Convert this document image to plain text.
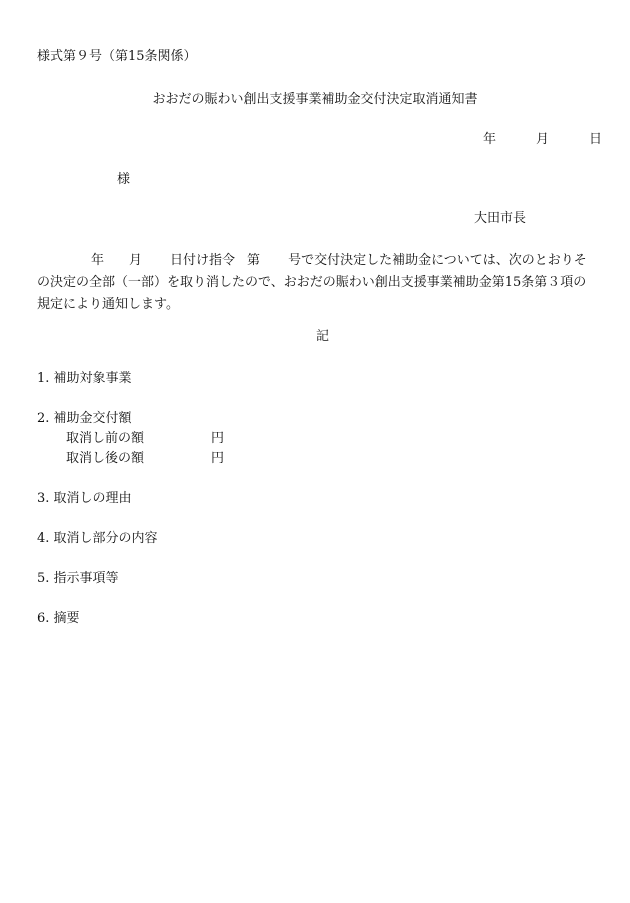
様式第９号（第15条関係）
おおだの賑わい創出支援事業補助金交付決定取消通知書
年	月	日
様
大田市長
年 月 日付け指令 第 号で交付決定した補助金については、次のとおりそ
の決定の全部（一部）を取り消したので、おおだの賑わい創出支援事業補助金第15条第３項の
規定により通知します。
記
1. 補助対象事業
2. 補助金交付額
取消し前の額	円
取消し後の額	円
3. 取消しの理由
4. 取消し部分の内容
5. 指示事項等
6. 摘要
